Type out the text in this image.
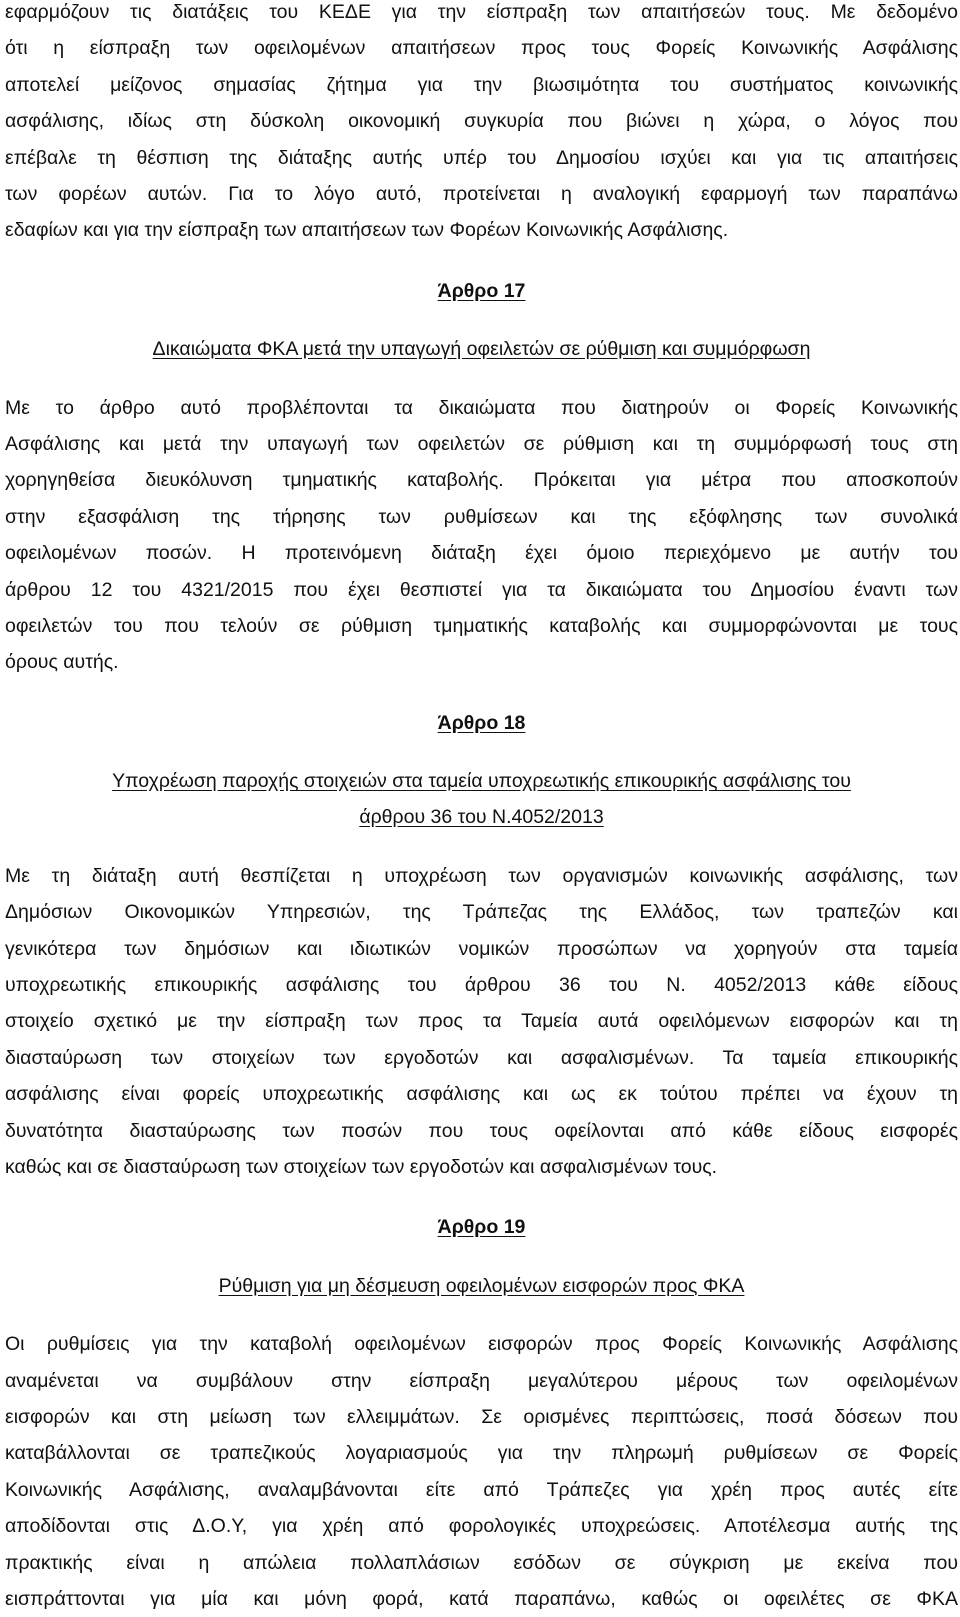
εφαρμόζουν τις διατάξεις του ΚΕΔΕ για την είσπραξη των απαιτήσεών τους. Με δεδομένο
ότι η είσπραξη των οφειλομένων απαιτήσεων προς τους Φορείς Κοινωνικής Ασφάλισης
αποτελεί μείζονος σημασίας ζήτημα για την βιωσιμότητα του συστήματος κοινωνικής
ασφάλισης, ιδίως στη δύσκολη οικονομική συγκυρία που βιώνει η χώρα, ο λόγος που
επέβαλε τη θέσπιση της διάταξης αυτής υπέρ του Δημοσίου ισχύει και για τις απαιτήσεις
των φορέων αυτών. Για το λόγο αυτό, προτείνεται η αναλογική εφαρμογή των παραπάνω
εδαφίων και για την είσπραξη των απαιτήσεων των Φορέων Κοινωνικής Ασφάλισης.

Άρθρο 17

Δικαιώματα ΦΚΑ μετά την υπαγωγή οφειλετών σε ρύθμιση και συμμόρφωση

Με το άρθρο αυτό προβλέπονται τα δικαιώματα που διατηρούν οι Φορείς Κοινωνικής
Ασφάλισης και μετά την υπαγωγή των οφειλετών σε ρύθμιση και τη συμμόρφωσή τους στη
χορηγηθείσα διευκόλυνση τμηματικής καταβολής. Πρόκειται για μέτρα που αποσκοπούν
στην εξασφάλιση της τήρησης των ρυθμίσεων και της εξόφλησης των συνολικά
οφειλομένων ποσών. Η προτεινόμενη διάταξη έχει όμοιο περιεχόμενο με αυτήν του
άρθρου 12 του 4321/2015 που έχει θεσπιστεί για τα δικαιώματα του Δημοσίου έναντι των
οφειλετών του που τελούν σε ρύθμιση τμηματικής καταβολής και συμμορφώνονται με τους
όρους αυτής.

Άρθρο 18

Υποχρέωση παροχής στοιχειών στα ταμεία υποχρεωτικής επικουρικής ασφάλισης του
άρθρου 36 του Ν.4052/2013

Με τη διάταξη αυτή θεσπίζεται η υποχρέωση των οργανισμών κοινωνικής ασφάλισης, των
Δημόσιων Οικονομικών Υπηρεσιών, της Τράπεζας της Ελλάδος, των τραπεζών και
γενικότερα των δημόσιων και ιδιωτικών νομικών προσώπων να χορηγούν στα ταμεία
υποχρεωτικής επικουρικής ασφάλισης του άρθρου 36 του Ν. 4052/2013 κάθε είδους
στοιχείο σχετικό με την είσπραξη των προς τα Ταμεία αυτά οφειλόμενων εισφορών και τη
διασταύρωση των στοιχείων των εργοδοτών και ασφαλισμένων. Τα ταμεία επικουρικής
ασφάλισης είναι φορείς υποχρεωτικής ασφάλισης και ως εκ τούτου πρέπει να έχουν τη
δυνατότητα διασταύρωσης των ποσών που τους οφείλονται από κάθε είδους εισφορές
καθώς και σε διασταύρωση των στοιχείων των εργοδοτών και ασφαλισμένων τους.

Άρθρο 19

Ρύθμιση για μη δέσμευση οφειλομένων εισφορών προς ΦΚΑ

Οι ρυθμίσεις για την καταβολή οφειλομένων εισφορών προς Φορείς Κοινωνικής Ασφάλισης
αναμένεται να συμβάλουν στην είσπραξη μεγαλύτερου μέρους των οφειλομένων
εισφορών και στη μείωση των ελλειμμάτων. Σε ορισμένες περιπτώσεις, ποσά δόσεων που
καταβάλλονται σε τραπεζικούς λογαριασμούς για την πληρωμή ρυθμίσεων σε Φορείς
Κοινωνικής Ασφάλισης, αναλαμβάνονται είτε από Τράπεζες για χρέη προς αυτές είτε
αποδίδονται στις Δ.Ο.Υ, για χρέη από φορολογικές υποχρεώσεις. Αποτέλεσμα αυτής της
πρακτικής είναι η απώλεια πολλαπλάσιων εσόδων σε σύγκριση με εκείνα που
εισπράττονται για μία και μόνη φορά, κατά παραπάνω, καθώς οι οφειλέτες σε ΦΚΑ
